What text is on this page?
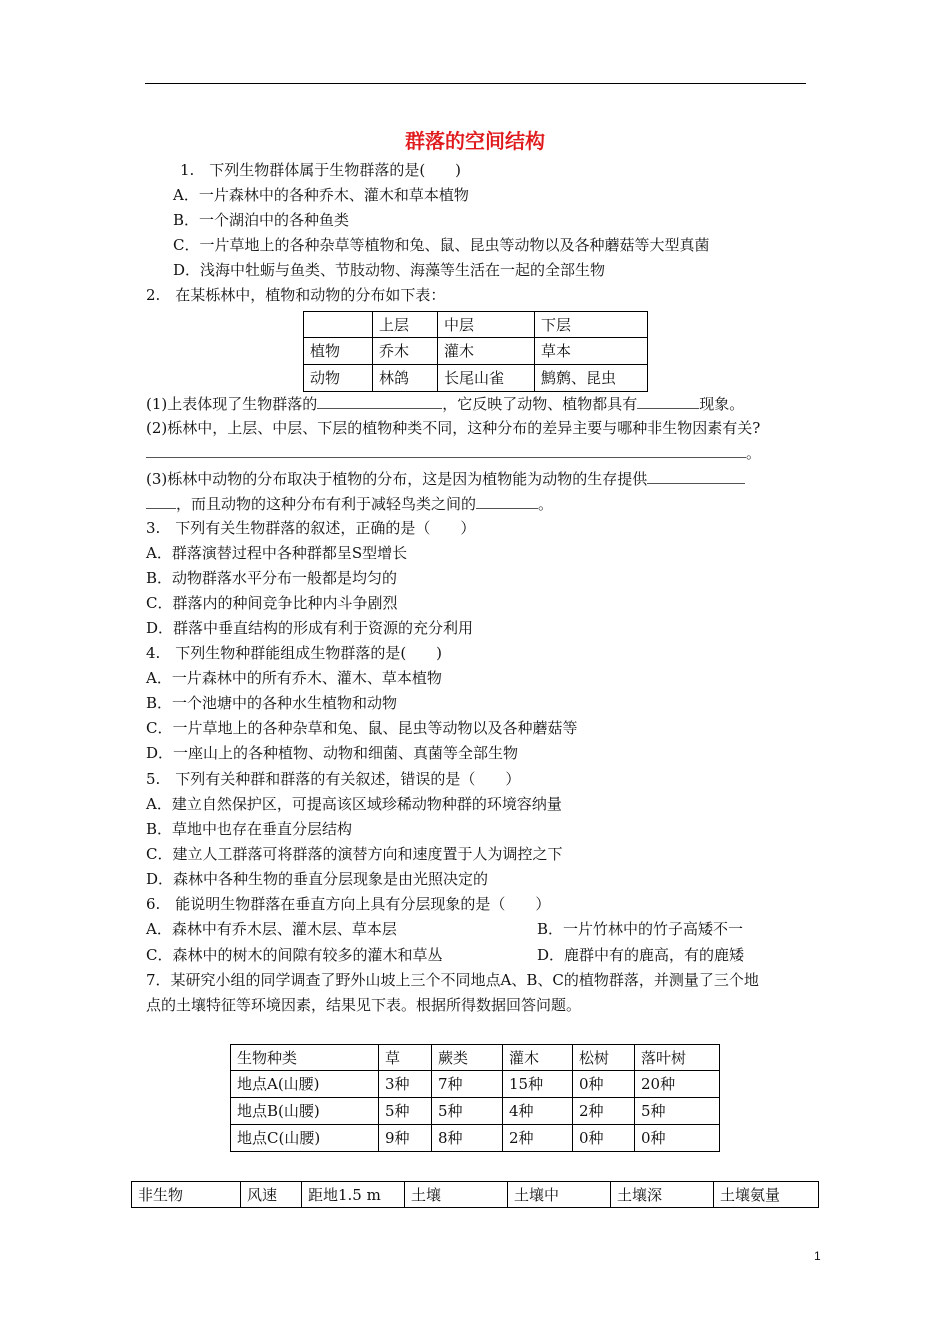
群落的空间结构
1.　下列生物群体属于生物群落的是(　　)
A．一片森林中的各种乔木、灌木和草本植物
B．一个湖泊中的各种鱼类
C．一片草地上的各种杂草等植物和兔、鼠、昆虫等动物以及各种蘑菇等大型真菌
D．浅海中牡蛎与鱼类、节肢动物、海藻等生活在一起的全部生物
2.　在某栎林中，植物和动物的分布如下表：
	上层	中层	下层
植物	乔木	灌木	草本
动物	林鸽	长尾山雀	鹪鹩、昆虫
(1)上表体现了生物群落的	，它反映了动物、植物都具有	现象。
(2)栎林中，上层、中层、下层的植物种类不同，这种分布的差异主要与哪种非生物因素有关?
。
(3)栎林中动物的分布取决于植物的分布，这是因为植物能为动物的生存提供
，而且动物的这种分布有利于减轻鸟类之间的	。
3.　下列有关生物群落的叙述，正确的是（　　）
A．群落演替过程中各种群都呈S型增长
B．动物群落水平分布一般都是均匀的
C．群落内的种间竞争比种内斗争剧烈
D．群落中垂直结构的形成有利于资源的充分利用
4.　下列生物种群能组成生物群落的是(　　)
A．一片森林中的所有乔木、灌木、草本植物
B．一个池塘中的各种水生植物和动物
C．一片草地上的各种杂草和兔、鼠、昆虫等动物以及各种蘑菇等
D．一座山上的各种植物、动物和细菌、真菌等全部生物
5.　下列有关种群和群落的有关叙述，错误的是（　　）
A．建立自然保护区，可提高该区域珍稀动物种群的环境容纳量
B．草地中也存在垂直分层结构
C．建立人工群落可将群落的演替方向和速度置于人为调控之下
D．森林中各种生物的垂直分层现象是由光照决定的
6.　能说明生物群落在垂直方向上具有分层现象的是（　　）
A．森林中有乔木层、灌木层、草本层	B．一片竹林中的竹子高矮不一
C．森林中的树木的间隙有较多的灌木和草丛	D．鹿群中有的鹿高，有的鹿矮
7．某研究小组的同学调查了野外山坡上三个不同地点A、B、C的植物群落，并测量了三个地
点的土壤特征等环境因素，结果见下表。根据所得数据回答问题。
生物种类	草	蕨类	灌木	松树	落叶树
地点A(山腰)	3种	7种	15种	0种	20种
地点B(山腰)	5种	5种	4种	2种	5种
地点C(山腰)	9种	8种	2种	0种	0种
非生物	风速	距地1.5 m	土壤	土壤中	土壤深	土壤氨量
1
